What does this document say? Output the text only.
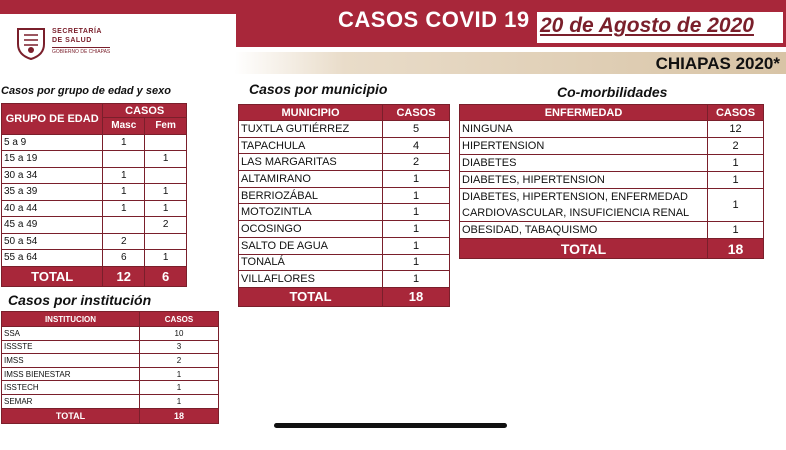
SECRETARÍA
DE SALUD
GOBIERNO DE CHIAPAS
CASOS COVID 19 20 de Agosto de 2020
CHIAPAS 2020*
Casos por grupo de edad y sexo	Casos por municipio	Co-morbilidades
Casos por institución
GRUPO DE EDAD	CASOS	
	Masc	Fem
5 a 9	1	
15 a 19		1
30 a 34	1	
35 a 39	1	1
40 a 44	1	1
45 a 49		2
50 a 54	2	
55 a 64	6	1
TOTAL	12	6
MUNICIPIO	CASOS
TUXTLA GUTIÉRREZ	5
TAPACHULA	4
LAS MARGARITAS	2
ALTAMIRANO	1
BERRIOZÁBAL	1
MOTOZINTLA	1
OCOSINGO	1
SALTO DE AGUA	1
TONALÁ	1
VILLAFLORES	1
TOTAL	18
ENFERMEDAD	CASOS
NINGUNA	12
HIPERTENSION	2
DIABETES	1
DIABETES, HIPERTENSION	1
DIABETES, HIPERTENSION, ENFERMEDAD CARDIOVASCULAR, INSUFICIENCIA RENAL	1
OBESIDAD, TABAQUISMO	1
TOTAL	18
INSTITUCION	CASOS
SSA	10
ISSSTE	3
IMSS	2
IMSS BIENESTAR	1
ISSTECH	1
SEMAR	1
TOTAL	18
